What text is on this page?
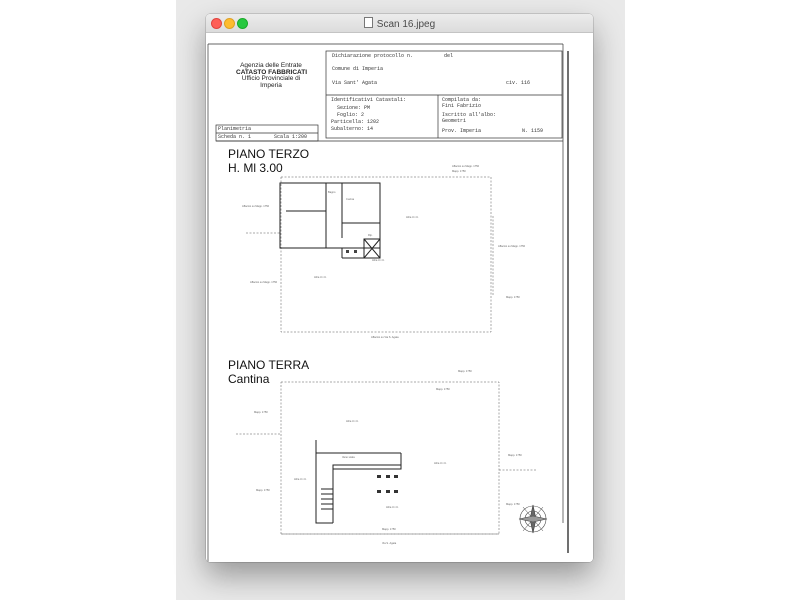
Scan 16.jpeg
Agenzia delle Entrate
CATASTO FABBRICATI
Ufficio Provinciale di
Imperia
Dichiarazione protocollo n.	del
Comune di Imperia
Via Sant' Agata	civ. 116
Identificativi Catastali:
Sezione: PM
Foglio: 2
Particella: 1202
Subalterno: 14
Compilata da:
Fini Fabrizio
Iscritto all'albo:
Geometri
Prov. Imperia	N. 1159
Planimetria
Scheda n. 1	Scala 1:200
PIANO TERZO
H. Ml 3.00
PIANO TERRA
Cantina
Affaccio su Mapp. 1750
Mapp. 1750
Affaccio su Mapp. 1750
Affaccio su Mapp. 1750
Affaccio su Mapp. 1750
Mapp. 1750
Affaccio su Via S. Agata
Altra U.I.U.
Altra U.I.U.
Altra U.I.U.
Bagno
Cucina
Rip.
Mapp. 1750
Mapp. 1750
Altra U.I.U.
Mapp. 1750
Altra U.I.U.
Mapp. 1750
Mapp. 1750
Altra U.I.U.
Mapp. 1750
Vano scala
Altra U.I.U.
Mapp. 1750
Via S. Agata
